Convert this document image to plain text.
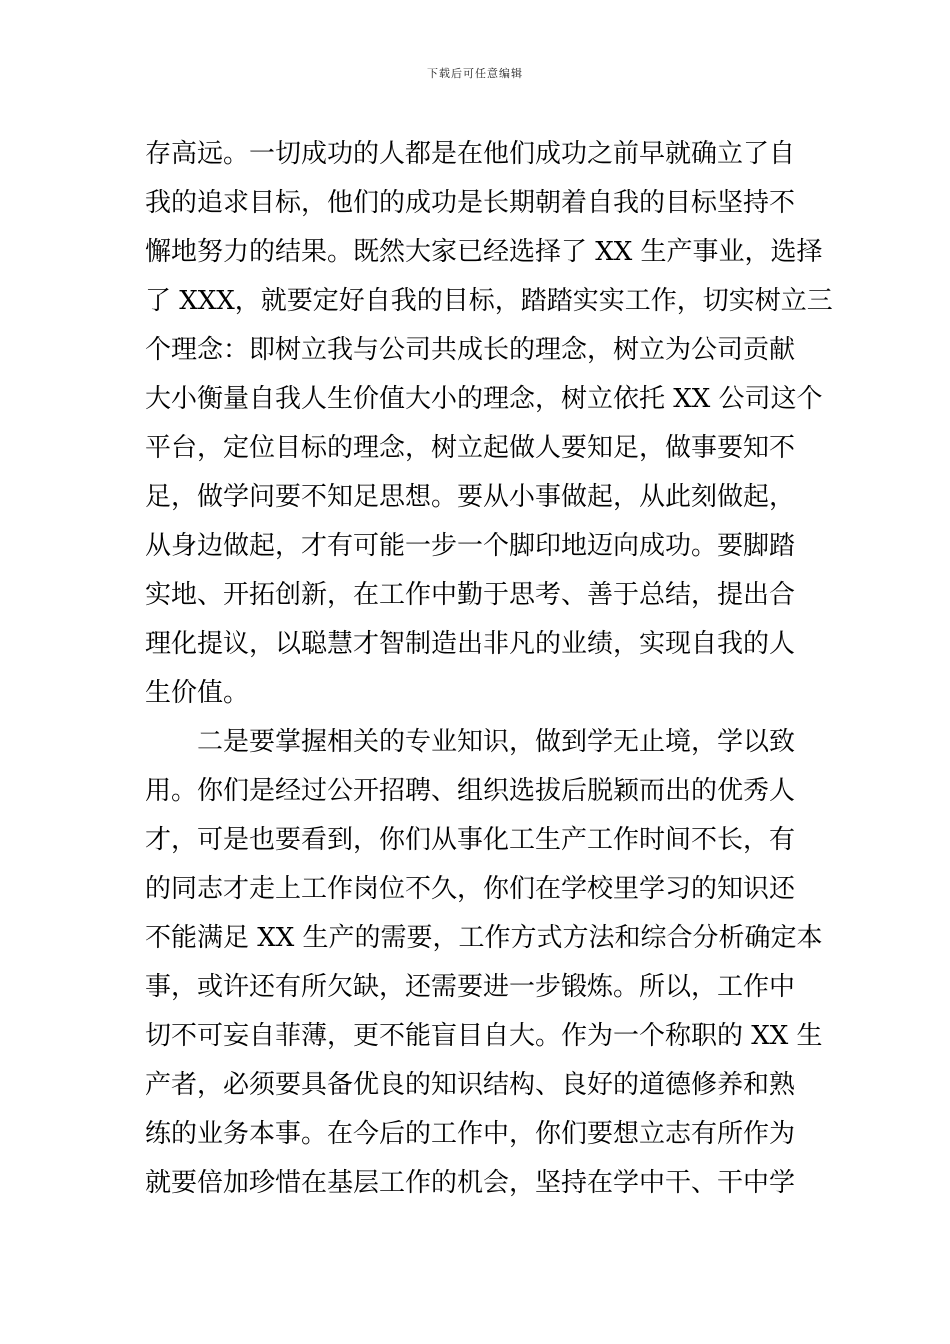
下载后可任意编辑
存高远。一切成功的人都是在他们成功之前早就确立了自
我的追求目标，他们的成功是长期朝着自我的目标坚持不
懈地努力的结果。既然大家已经选择了 XX 生产事业，选择
了 XXX，就要定好自我的目标，踏踏实实工作，切实树立三
个理念：即树立我与公司共成长的理念，树立为公司贡献
大小衡量自我人生价值大小的理念，树立依托 XX 公司这个
平台，定位目标的理念，树立起做人要知足，做事要知不
足，做学问要不知足思想。要从小事做起，从此刻做起，
从身边做起，才有可能一步一个脚印地迈向成功。要脚踏
实地、开拓创新，在工作中勤于思考、善于总结，提出合
理化提议，以聪慧才智制造出非凡的业绩，实现自我的人
生价值。
二是要掌握相关的专业知识，做到学无止境，学以致
用。你们是经过公开招聘、组织选拔后脱颖而出的优秀人
才，可是也要看到，你们从事化工生产工作时间不长，有
的同志才走上工作岗位不久，你们在学校里学习的知识还
不能满足 XX 生产的需要，工作方式方法和综合分析确定本
事，或许还有所欠缺，还需要进一步锻炼。所以，工作中
切不可妄自菲薄，更不能盲目自大。作为一个称职的 XX 生
产者，必须要具备优良的知识结构、良好的道德修养和熟
练的业务本事。在今后的工作中，你们要想立志有所作为
就要倍加珍惜在基层工作的机会，坚持在学中干、干中学
